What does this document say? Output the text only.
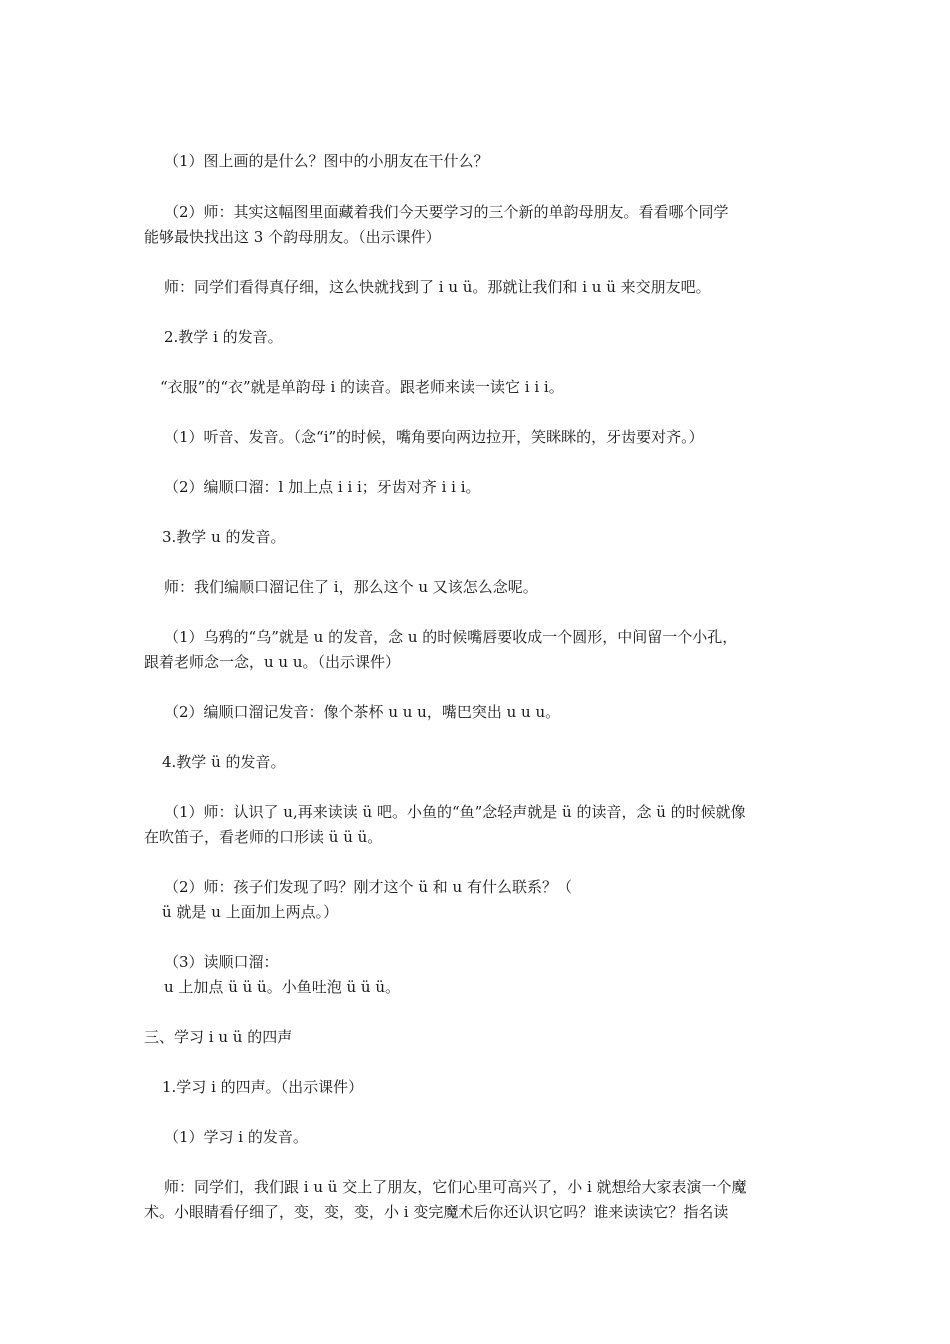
（1）图上画的是什么？图中的小朋友在干什么？
（2）师：其实这幅图里面藏着我们今天要学习的三个新的单韵母朋友。看看哪个同学
能够最快找出这 3 个韵母朋友。（出示课件）
师：同学们看得真仔细，这么快就找到了 i u ü。那就让我们和 i u ü 来交朋友吧。
2.教学 i 的发音。
“衣服”的“衣”就是单韵母 i 的读音。跟老师来读一读它 i i i。
（1）听音、发音。（念“i”的时候，嘴角要向两边拉开，笑眯眯的，牙齿要对齐。）
（2）编顺口溜：l 加上点 i i i；牙齿对齐 i i i。
3.教学 u 的发音。
师：我们编顺口溜记住了 i，那么这个 u 又该怎么念呢。
（1）乌鸦的“乌”就是 u 的发音，念 u 的时候嘴唇要收成一个圆形，中间留一个小孔，
跟着老师念一念，u u u。（出示课件）
（2）编顺口溜记发音：像个茶杯 u u u，嘴巴突出 u u u。
4.教学 ü 的发音。
（1）师：认识了 u,再来读读 ü 吧。小鱼的“鱼”念轻声就是 ü 的读音，念 ü 的时候就像
在吹笛子，看老师的口形读 ü ü ü。
（2）师：孩子们发现了吗？刚才这个 ü 和 u 有什么联系？（
ü 就是 u 上面加上两点。）
（3）读顺口溜：
u 上加点 ü ü ü。小鱼吐泡 ü ü ü。
三、学习 i u ü 的四声
1.学习 i 的四声。（出示课件）
（1）学习 i 的发音。
师：同学们，我们跟 i u ü 交上了朋友，它们心里可高兴了，小 i 就想给大家表演一个魔
术。小眼睛看仔细了，变，变，变，小 i 变完魔术后你还认识它吗？谁来读读它？指名读
